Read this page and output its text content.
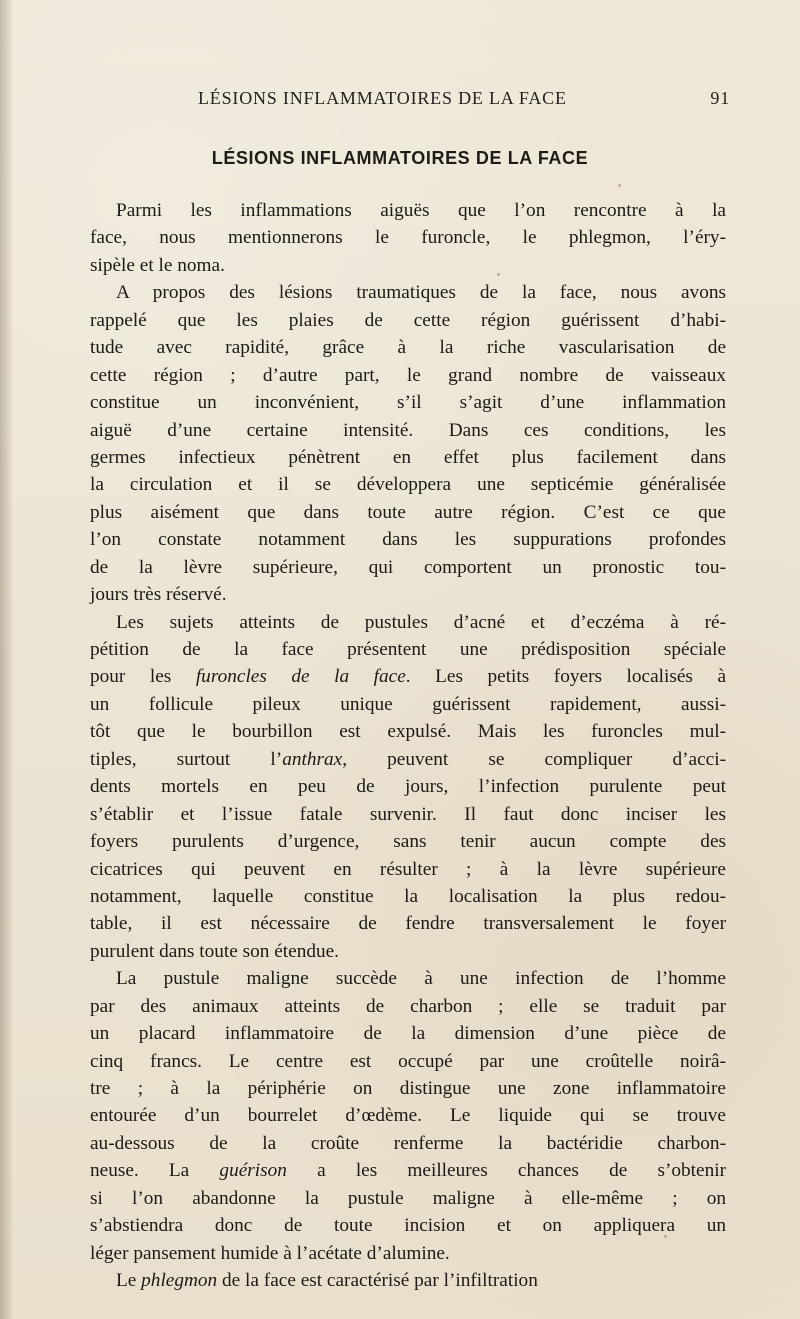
LÉSIONS INFLAMMATOIRES DE LA FACE	91
LÉSIONS INFLAMMATOIRES DE LA FACE
Parmi les inflammations aiguës que l’on rencontre à la
face, nous mentionnerons le furoncle, le phlegmon, l’éry-
sipèle et le noma.
A propos des lésions traumatiques de la face, nous avons
rappelé que les plaies de cette région guérissent d’habi-
tude avec rapidité, grâce à la riche vascularisation de
cette région ; d’autre part, le grand nombre de vaisseaux
constitue un inconvénient, s’il s’agit d’une inflammation
aiguë d’une certaine intensité. Dans ces conditions, les
germes infectieux pénètrent en effet plus facilement dans
la circulation et il se développera une septicémie généralisée
plus aisément que dans toute autre région. C’est ce que
l’on constate notamment dans les suppurations profondes
de la lèvre supérieure, qui comportent un pronostic tou-
jours très réservé.
Les sujets atteints de pustules d’acné et d’eczéma à ré-
pétition de la face présentent une prédisposition spéciale
pour les furoncles de la face. Les petits foyers localisés à
un follicule pileux unique guérissent rapidement, aussi-
tôt que le bourbillon est expulsé. Mais les furoncles mul-
tiples, surtout l’anthrax, peuvent se compliquer d’acci-
dents mortels en peu de jours, l’infection purulente peut
s’établir et l’issue fatale survenir. Il faut donc inciser les
foyers purulents d’urgence, sans tenir aucun compte des
cicatrices qui peuvent en résulter ; à la lèvre supérieure
notamment, laquelle constitue la localisation la plus redou-
table, il est nécessaire de fendre transversalement le foyer
purulent dans toute son étendue.
La pustule maligne succède à une infection de l’homme
par des animaux atteints de charbon ; elle se traduit par
un placard inflammatoire de la dimension d’une pièce de
cinq francs. Le centre est occupé par une croûtelle noirâ-
tre ; à la périphérie on distingue une zone inflammatoire
entourée d’un bourrelet d’œdème. Le liquide qui se trouve
au-dessous de la croûte renferme la bactéridie charbon-
neuse. La guérison a les meilleures chances de s’obtenir
si l’on abandonne la pustule maligne à elle-même ; on
s’abstiendra donc de toute incision et on appliquera un
léger pansement humide à l’acétate d’alumine.
Le phlegmon de la face est caractérisé par l’infiltration
